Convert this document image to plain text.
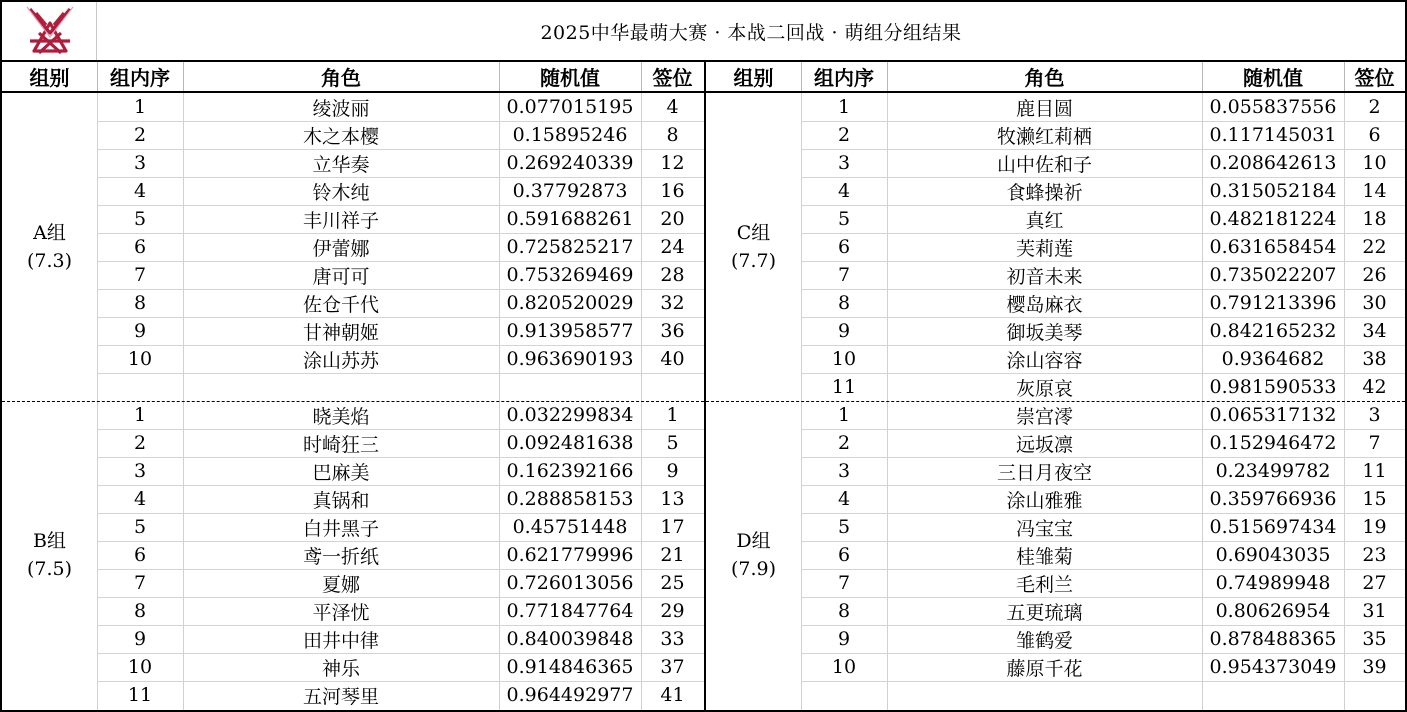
2025中华最萌大赛 · 本战二回战 · 萌组分组结果
组别	组内序	角色	随机值	签位
A组
(7.3)
1	绫波丽	0.077015195	4
2	木之本樱	0.15895246	8
3	立华奏	0.269240339	12
4	铃木纯	0.37792873	16
5	丰川祥子	0.591688261	20
6	伊蕾娜	0.725825217	24
7	唐可可	0.753269469	28
8	佐仓千代	0.820520029	32
9	甘神朝姬	0.913958577	36
10	涂山苏苏	0.963690193	40
B组
(7.5)
1	晓美焰	0.032299834	1
2	时崎狂三	0.092481638	5
3	巴麻美	0.162392166	9
4	真锅和	0.288858153	13
5	白井黑子	0.45751448	17
6	鸢一折纸	0.621779996	21
7	夏娜	0.726013056	25
8	平泽忧	0.771847764	29
9	田井中律	0.840039848	33
10	神乐	0.914846365	37
11	五河琴里	0.964492977	41
组别	组内序	角色	随机值	签位
C组
(7.7)
1	鹿目圆	0.055837556	2
2	牧濑红莉栖	0.117145031	6
3	山中佐和子	0.208642613	10
4	食蜂操祈	0.315052184	14
5	真红	0.482181224	18
6	芙莉莲	0.631658454	22
7	初音未来	0.735022207	26
8	樱岛麻衣	0.791213396	30
9	御坂美琴	0.842165232	34
10	涂山容容	0.9364682	38
11	灰原哀	0.981590533	42
D组
(7.9)
1	崇宫澪	0.065317132	3
2	远坂凛	0.152946472	7
3	三日月夜空	0.23499782	11
4	涂山雅雅	0.359766936	15
5	冯宝宝	0.515697434	19
6	桂雏菊	0.69043035	23
7	毛利兰	0.74989948	27
8	五更琉璃	0.80626954	31
9	雏鹤爱	0.878488365	35
10	藤原千花	0.954373049	39
